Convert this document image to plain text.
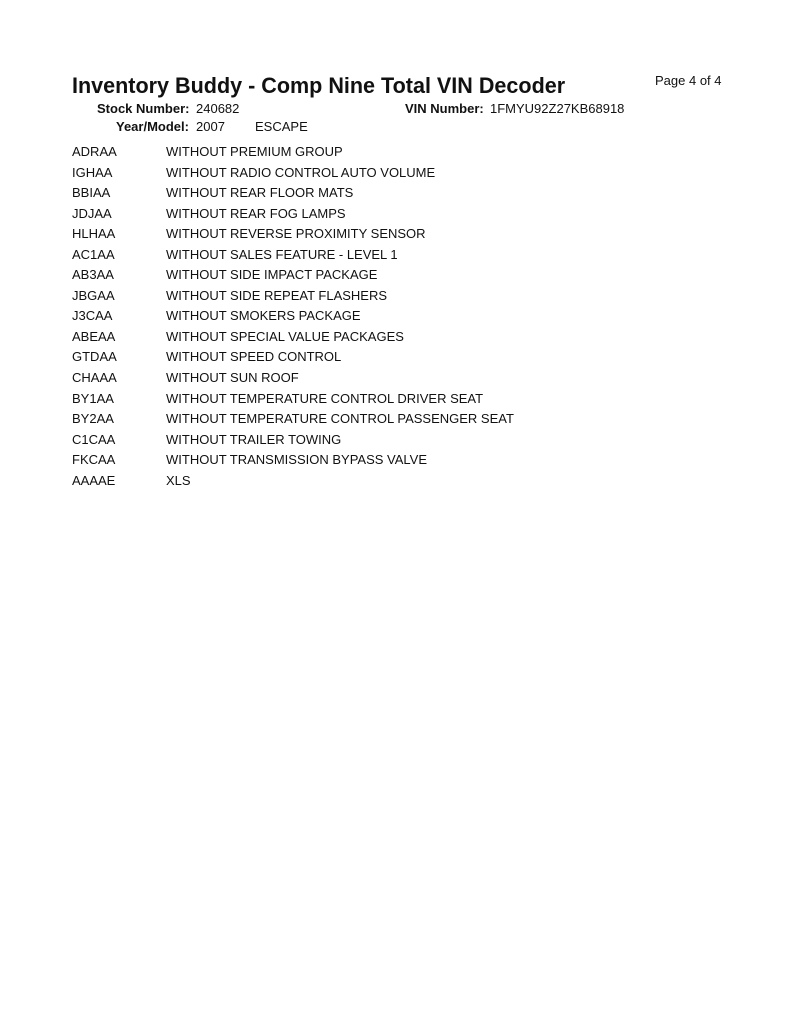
Inventory Buddy - Comp Nine Total VIN Decoder	Page 4 of 4
Stock Number: 240682	VIN Number: 1FMYU92Z27KB68918
Year/Model: 2007 ESCAPE
ADRAA	WITHOUT PREMIUM GROUP
IGHAA	WITHOUT RADIO CONTROL AUTO VOLUME
BBIAA	WITHOUT REAR FLOOR MATS
JDJAA	WITHOUT REAR FOG LAMPS
HLHAA	WITHOUT REVERSE PROXIMITY SENSOR
AC1AA	WITHOUT SALES FEATURE - LEVEL 1
AB3AA	WITHOUT SIDE IMPACT PACKAGE
JBGAA	WITHOUT SIDE REPEAT FLASHERS
J3CAA	WITHOUT SMOKERS PACKAGE
ABEAA	WITHOUT SPECIAL VALUE PACKAGES
GTDAA	WITHOUT SPEED CONTROL
CHAAA	WITHOUT SUN ROOF
BY1AA	WITHOUT TEMPERATURE CONTROL DRIVER SEAT
BY2AA	WITHOUT TEMPERATURE CONTROL PASSENGER SEAT
C1CAA	WITHOUT TRAILER TOWING
FKCAA	WITHOUT TRANSMISSION BYPASS VALVE
AAAAE	XLS
